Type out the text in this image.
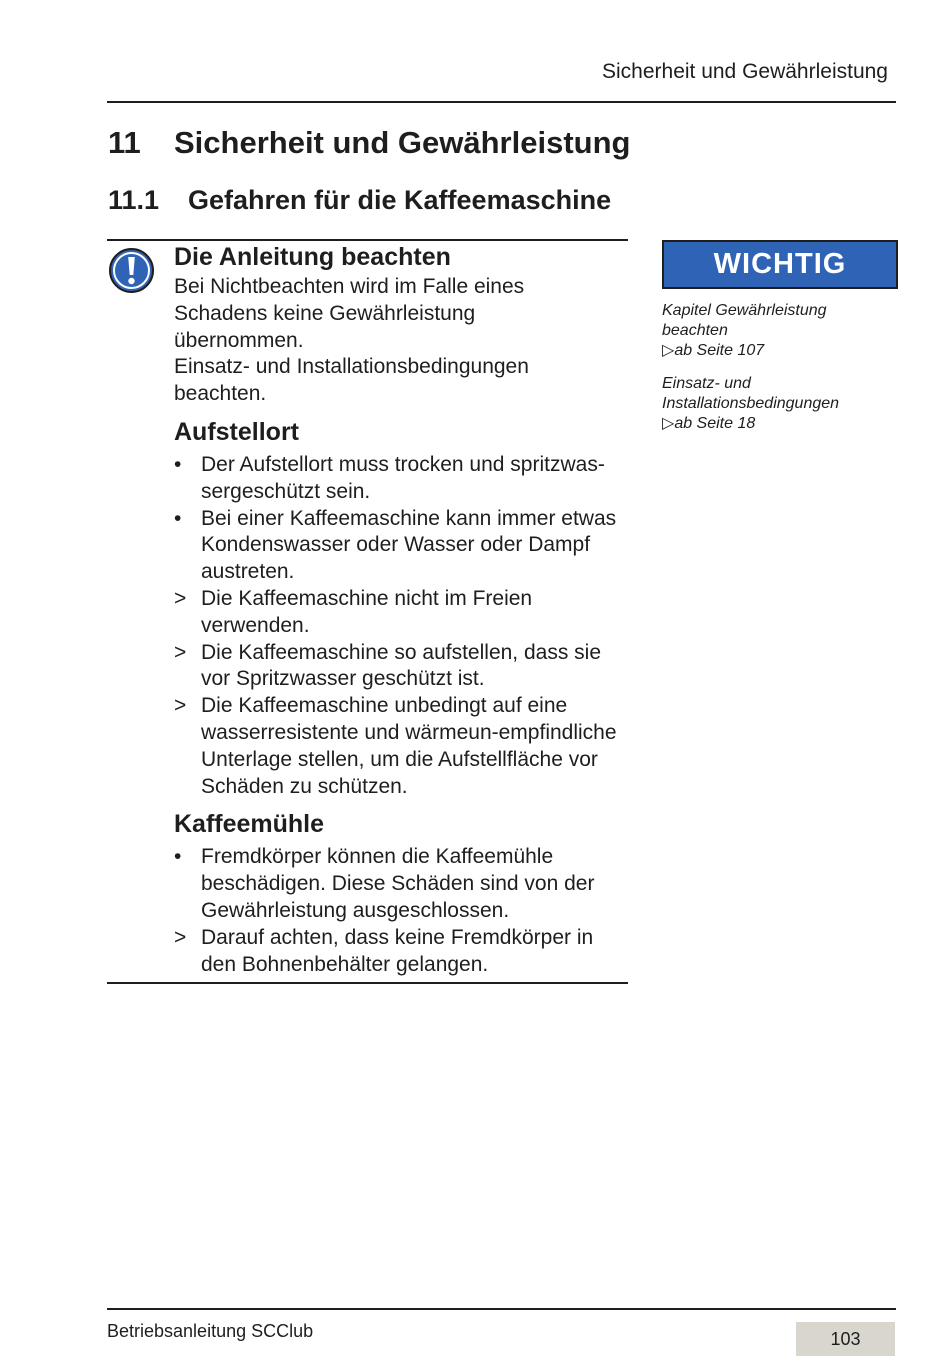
Sicherheit und Gewährleistung
11 Sicherheit und Gewährleistung
11.1 Gefahren für die Kaffeemaschine
Die Anleitung beachten
Bei Nichtbeachten wird im Falle eines
Schadens keine Gewährleistung
übernommen.
Einsatz- und Installationsbedingungen
beachten.
Aufstellort
• Der Aufstellort muss trocken und spritzwas-sergeschützt sein.
• Bei einer Kaffeemaschine kann immer etwas Kondenswasser oder Wasser oder Dampf austreten.
> Die Kaffeemaschine nicht im Freien verwenden.
> Die Kaffeemaschine so aufstellen, dass sie vor Spritzwasser geschützt ist.
> Die Kaffeemaschine unbedingt auf eine wasserresistente und wärmeun-empfindliche Unterlage stellen, um die Aufstellfläche vor Schäden zu schützen.
Kaffeemühle
• Fremdkörper können die Kaffeemühle beschädigen. Diese Schäden sind von der Gewährleistung ausgeschlossen.
> Darauf achten, dass keine Fremdkörper in den Bohnenbehälter gelangen.
WICHTIG
Kapitel Gewährleistung
beachten
▷ab Seite 107
Einsatz- und
Installationsbedingungen
▷ab Seite 18
Betriebsanleitung SCClub	103
